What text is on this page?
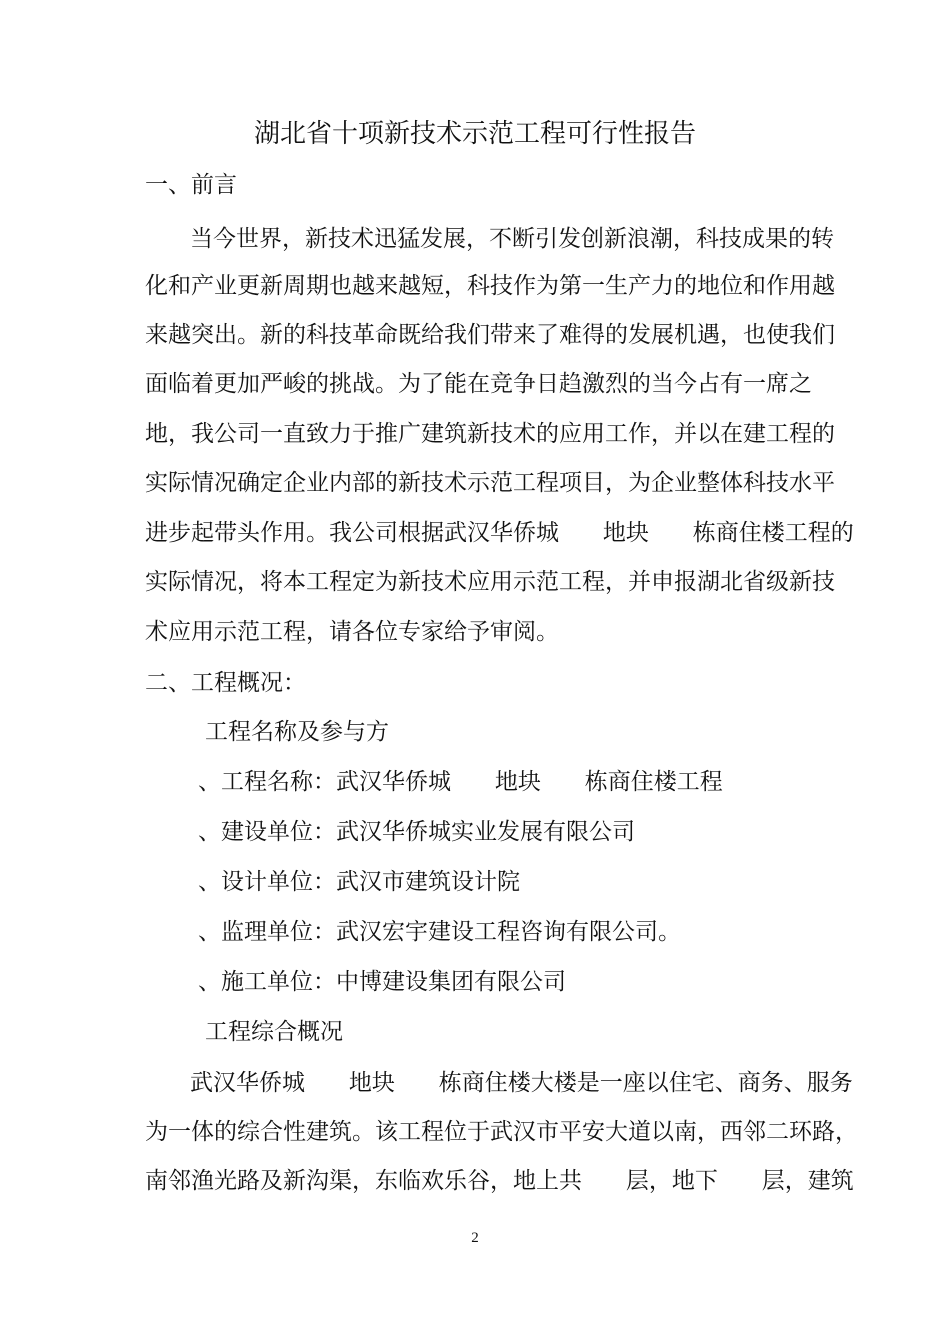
湖北省十项新技术示范工程可行性报告
一、前言
当今世界，新技术迅猛发展，不断引发创新浪潮，科技成果的转
化和产业更新周期也越来越短，科技作为第一生产力的地位和作用越
来越突出。新的科技革命既给我们带来了难得的发展机遇，也使我们
面临着更加严峻的挑战。为了能在竞争日趋激烈的当今占有一席之
地，我公司一直致力于推广建筑新技术的应用工作，并以在建工程的
实际情况确定企业内部的新技术示范工程项目，为企业整体科技水平
进步起带头作用。我公司根据武汉华侨城      地块      栋商住楼工程的
实际情况，将本工程定为新技术应用示范工程，并申报湖北省级新技
术应用示范工程，请各位专家给予审阅。
二、工程概况：
工程名称及参与方
、工程名称：武汉华侨城      地块      栋商住楼工程
、建设单位：武汉华侨城实业发展有限公司
、设计单位：武汉市建筑设计院
、监理单位：武汉宏宇建设工程咨询有限公司。
、施工单位：中博建设集团有限公司
工程综合概况
武汉华侨城      地块      栋商住楼大楼是一座以住宅、商务、服务
为一体的综合性建筑。该工程位于武汉市平安大道以南，西邻二环路，
南邻渔光路及新沟渠，东临欢乐谷，地上共      层，地下      层，建筑
2
